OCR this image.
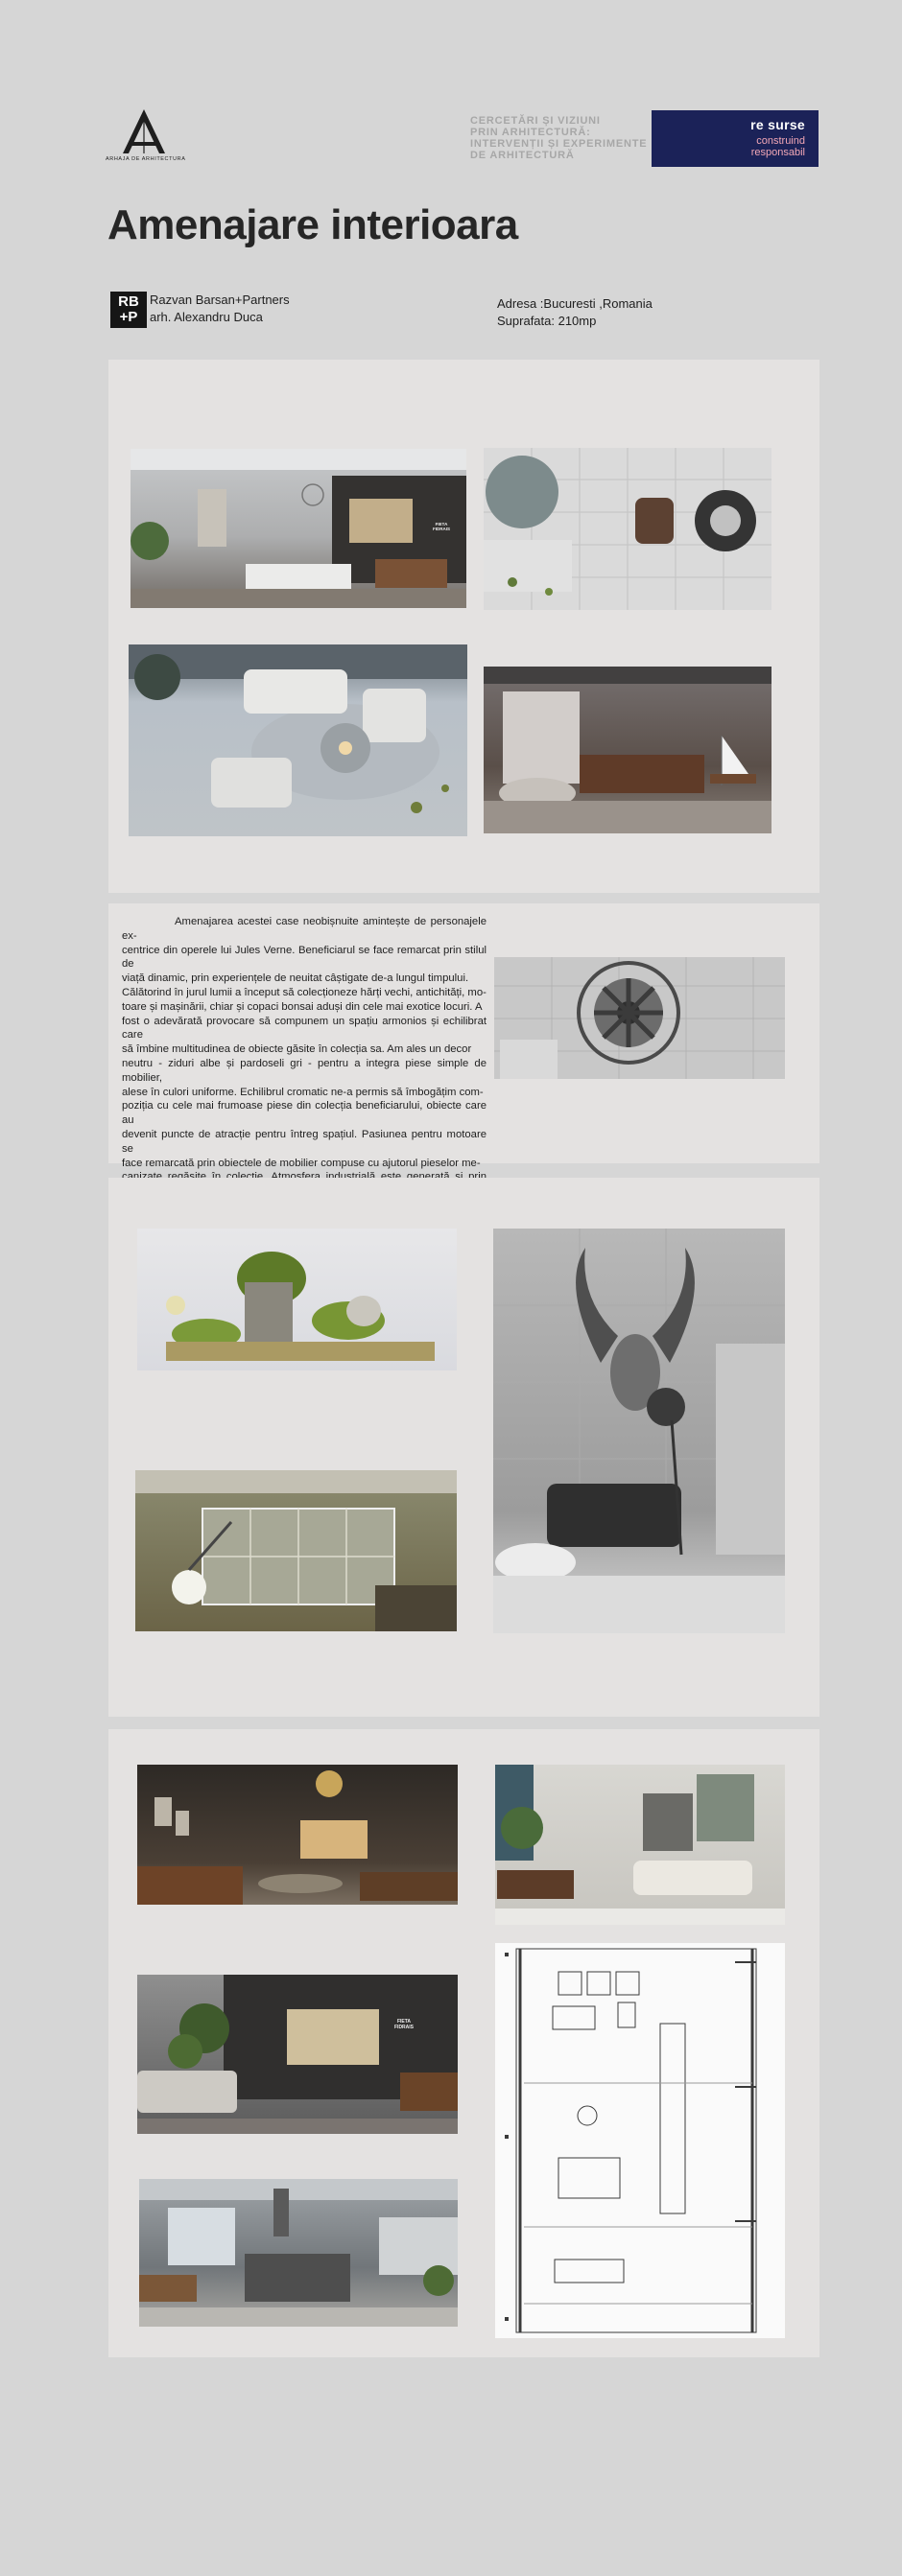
ARHAJA DE ARHITECTURA
CERCETĂRI ȘI VIZIUNI
PRIN ARHITECTURĂ:
INTERVENȚII ȘI EXPERIMENTE
DE ARHITECTURĂ
re surse
construind
responsabil
Amenajare interioara
RB
+P
Razvan Barsan+Partners
arh. Alexandru Duca
Adresa :Bucuresti ,Romania
Suprafata: 210mp
FIETA FIDRAIS
Amenajarea acestei case neobișnuite amintește de personajele ex-
centrice din operele lui Jules Verne. Beneficiarul se face remarcat prin stilul de
viață dinamic, prin experiențele de neuitat câștigate de-a lungul timpului.
Călătorind în jurul lumii a început să colecționeze hărți vechi, antichități, mo-
toare și mașinării, chiar și copaci bonsai aduși din cele mai exotice locuri. A
fost o adevărată provocare să compunem un spațiu armonios și echilibrat care
să îmbine multitudinea de obiecte găsite în colecția sa. Am ales un decor
neutru - ziduri albe și pardoseli gri - pentru a integra piese simple de mobilier,
alese în culori uniforme. Echilibrul cromatic ne-a permis să îmbogățim com-
poziția cu cele mai frumoase piese din colecția beneficiarului, obiecte care au
devenit puncte de atracție pentru întreg spațiul. Pasiunea pentru motoare se
face remarcată prin obiectele de mobilier compuse cu ajutorul pieselor me-
FIETA FIDRAIS
